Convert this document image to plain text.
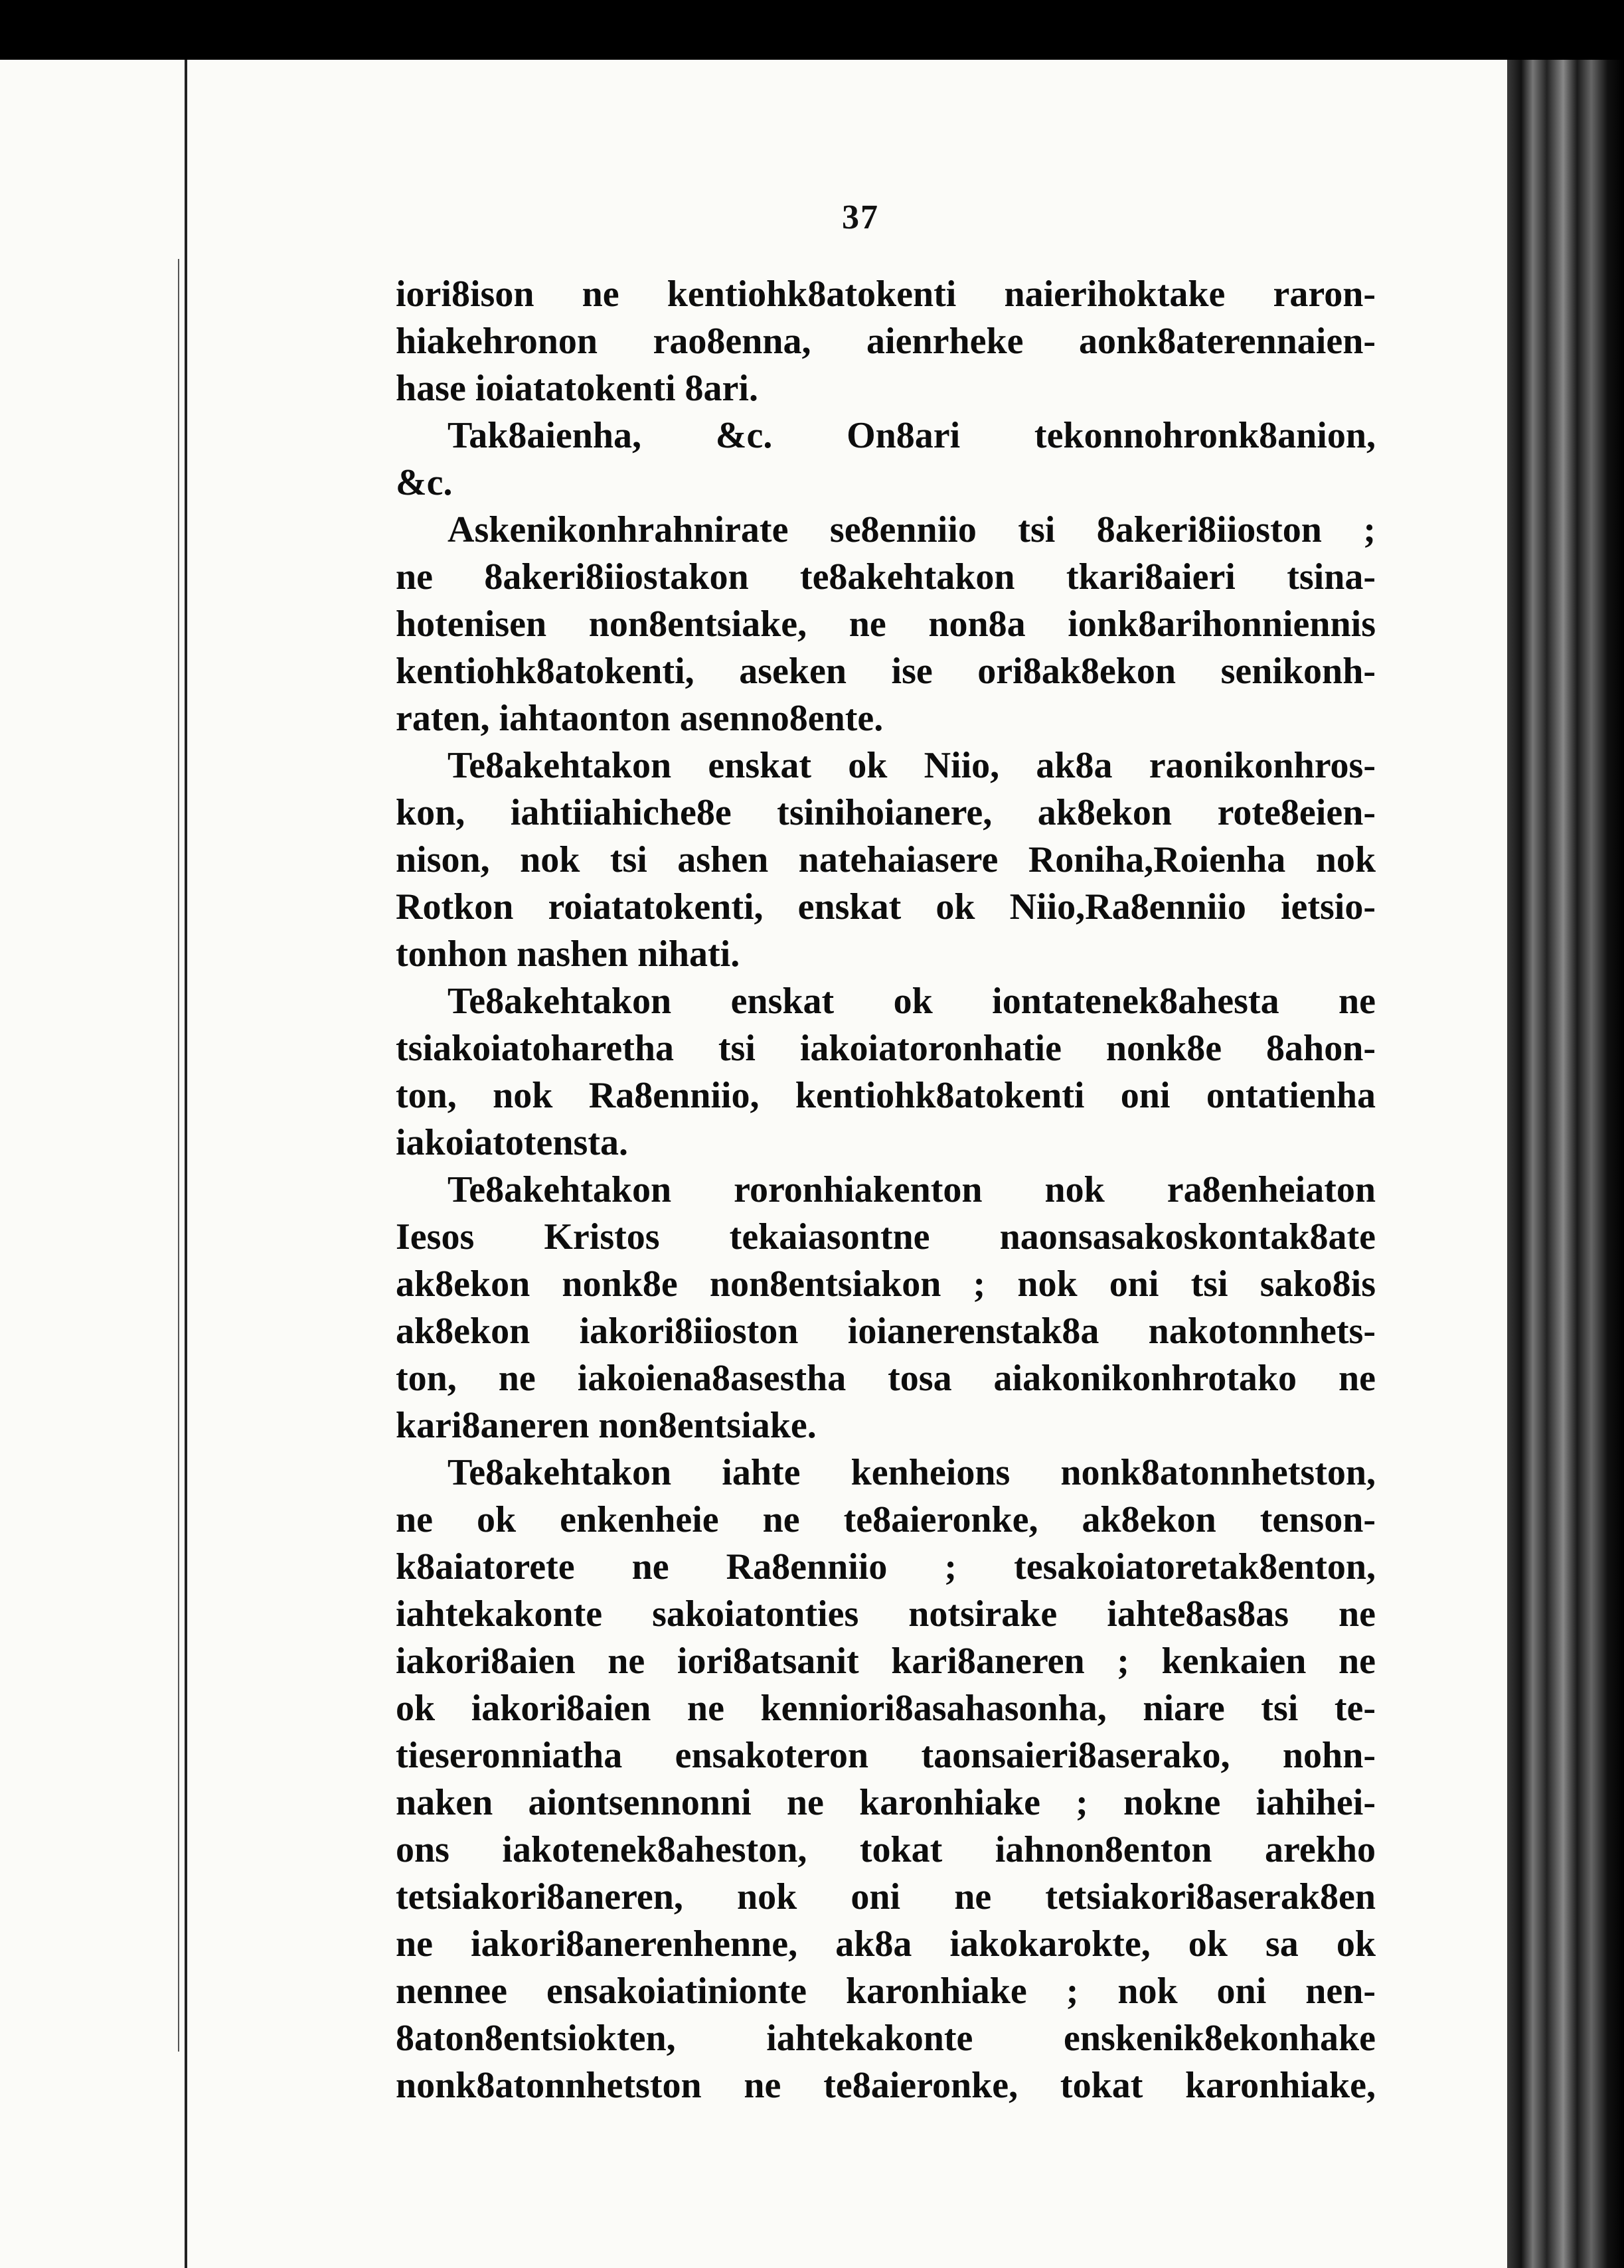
37
iori8ison ne kentiohk8atokenti naierihoktake raron-
hiakehronon rao8enna, aienrheke aonk8aterennaien-
hase ioiatatokenti 8ari.
Tak8aienha, &c. On8ari tekonnohronk8anion,
&c.
Askenikonhrahnirate se8enniio tsi 8akeri8iioston ;
ne 8akeri8iiostakon te8akehtakon tkari8aieri tsina-
hotenisen non8entsiake, ne non8a ionk8arihonniennis
kentiohk8atokenti, aseken ise ori8ak8ekon senikonh-
raten, iahtaonton asenno8ente.
Te8akehtakon enskat ok Niio, ak8a raonikonhros-
kon, iahtiiahiche8e tsinihoianere, ak8ekon rote8eien-
nison, nok tsi ashen natehaiasere Roniha,Roienha nok
Rotkon roiatatokenti, enskat ok Niio,Ra8enniio ietsio-
tonhon nashen nihati.
Te8akehtakon enskat ok iontatenek8ahesta ne
tsiakoiatoharetha tsi iakoiatoronhatie nonk8e 8ahon-
ton, nok Ra8enniio, kentiohk8atokenti oni ontatienha
iakoiatotensta.
Te8akehtakon roronhiakenton nok ra8enheiaton
Iesos Kristos tekaiasontne naonsasakoskontak8ate
ak8ekon nonk8e non8entsiakon ; nok oni tsi sako8is
ak8ekon iakori8iioston ioianerenstak8a nakotonnhets-
ton, ne iakoiena8asestha tosa aiakonikonhrotako ne
kari8aneren non8entsiake.
Te8akehtakon iahte kenheions nonk8atonnhetston,
ne ok enkenheie ne te8aieronke, ak8ekon tenson-
k8aiatorete ne Ra8enniio ; tesakoiatoretak8enton,
iahtekakonte sakoiatonties notsirake iahte8as8as ne
iakori8aien ne iori8atsanit kari8aneren ; kenkaien ne
ok iakori8aien ne kenniori8asahasonha, niare tsi te-
tieseronniatha ensakoteron taonsaieri8aserako, nohn-
naken aiontsennonni ne karonhiake ; nokne iahihei-
ons iakotenek8aheston, tokat iahnon8enton arekho
tetsiakori8aneren, nok oni ne tetsiakori8aserak8en
ne iakori8anerenhenne, ak8a iakokarokte, ok sa ok
nennee ensakoiatinionte karonhiake ; nok oni nen-
8aton8entsiokten, iahtekakonte enskenik8ekonhake
nonk8atonnhetston ne te8aieronke, tokat karonhiake,
